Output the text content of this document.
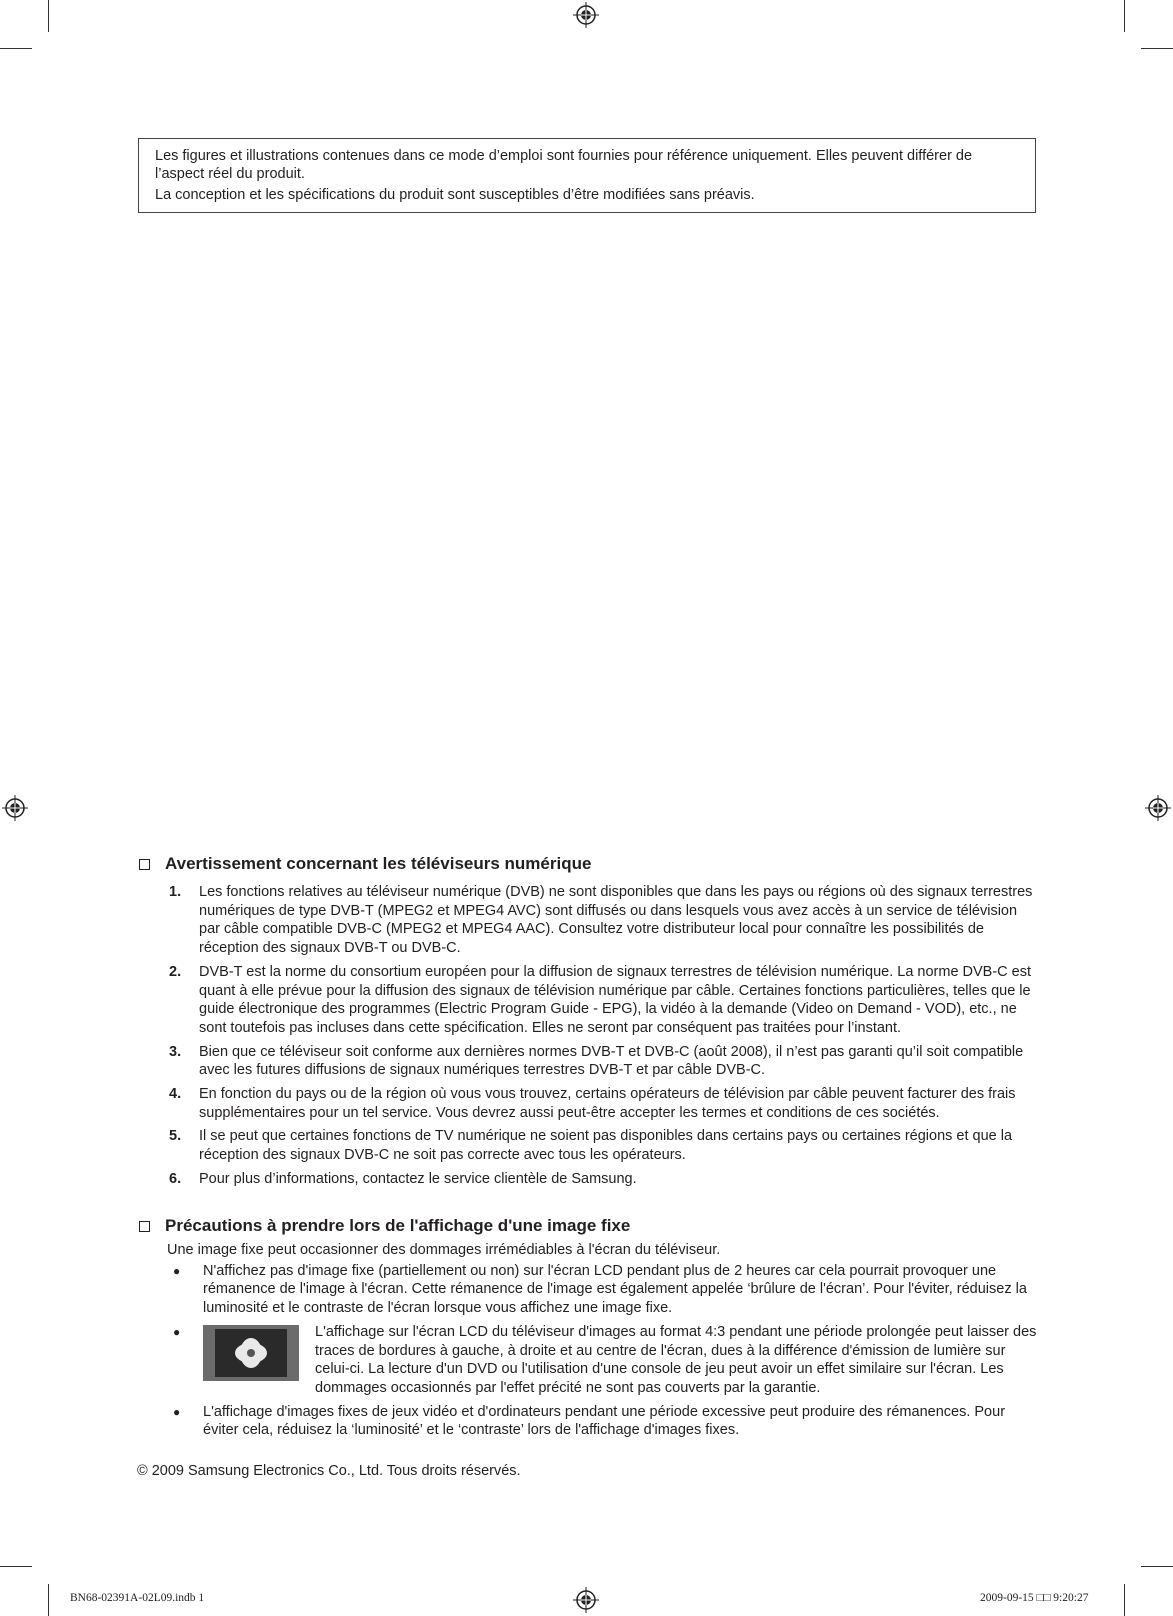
Les figures et illustrations contenues dans ce mode d’emploi sont fournies pour référence uniquement. Elles peuvent différer de l’aspect réel du produit.

La conception et les spécifications du produit sont susceptibles d’être modifiées sans préavis.

Avertissement concernant les téléviseurs numérique
1.	Les fonctions relatives au téléviseur numérique (DVB) ne sont disponibles que dans les pays ou régions où des signaux terrestres numériques de type DVB-T (MPEG2 et MPEG4 AVC) sont diffusés ou dans lesquels vous avez accès à un service de télévision par câble compatible DVB-C (MPEG2 et MPEG4 AAC). Consultez votre distributeur local pour connaître les possibilités de réception des signaux DVB-T ou DVB-C.
2.	DVB-T est la norme du consortium européen pour la diffusion de signaux terrestres de télévision numérique. La norme DVB-C est quant à elle prévue pour la diffusion des signaux de télévision numérique par câble. Certaines fonctions particulières, telles que le guide électronique des programmes (Electric Program Guide - EPG), la vidéo à la demande (Video on Demand - VOD), etc., ne sont toutefois pas incluses dans cette spécification. Elles ne seront par conséquent pas traitées pour l’instant.
3.	Bien que ce téléviseur soit conforme aux dernières normes DVB-T et DVB-C (août 2008), il n’est pas garanti qu’il soit compatible avec les futures diffusions de signaux numériques terrestres DVB-T et par câble DVB-C.
4.	En fonction du pays ou de la région où vous vous trouvez, certains opérateurs de télévision par câble peuvent facturer des frais supplémentaires pour un tel service. Vous devrez aussi peut-être accepter les termes et conditions de ces sociétés.
5.	Il se peut que certaines fonctions de TV numérique ne soient pas disponibles dans certains pays ou certaines régions et que la réception des signaux DVB-C ne soit pas correcte avec tous les opérateurs.
6.	Pour plus d’informations, contactez le service clientèle de Samsung.
Précautions à prendre lors de l'affichage d'une image fixe
Une image fixe peut occasionner des dommages irrémédiables à l'écran du téléviseur.
●	N'affichez pas d'image fixe (partiellement ou non) sur l'écran LCD pendant plus de 2 heures car cela pourrait provoquer une rémanence de l'image à l'écran. Cette rémanence de l'image est également appelée ‘brûlure de l'écran’. Pour l'éviter, réduisez la luminosité et le contraste de l'écran lorsque vous affichez une image fixe.
●	L'affichage sur l'écran LCD du téléviseur d'images au format 4:3 pendant une période prolongée peut laisser des traces de bordures à gauche, à droite et au centre de l'écran, dues à la différence d'émission de lumière sur celui-ci. La lecture d'un DVD ou l'utilisation d'une console de jeu peut avoir un effet similaire sur l'écran. Les dommages occasionnés par l'effet précité ne sont pas couverts par la garantie.
●	L'affichage d'images fixes de jeux vidéo et d'ordinateurs pendant une période excessive peut produire des rémanences. Pour éviter cela, réduisez la ‘luminosité’ et le ‘contraste’ lors de l'affichage d'images fixes.
© 2009 Samsung Electronics Co., Ltd. Tous droits réservés.
BN68-02391A-02L09.indb 1	2009-09-15 □□ 9:20:27
